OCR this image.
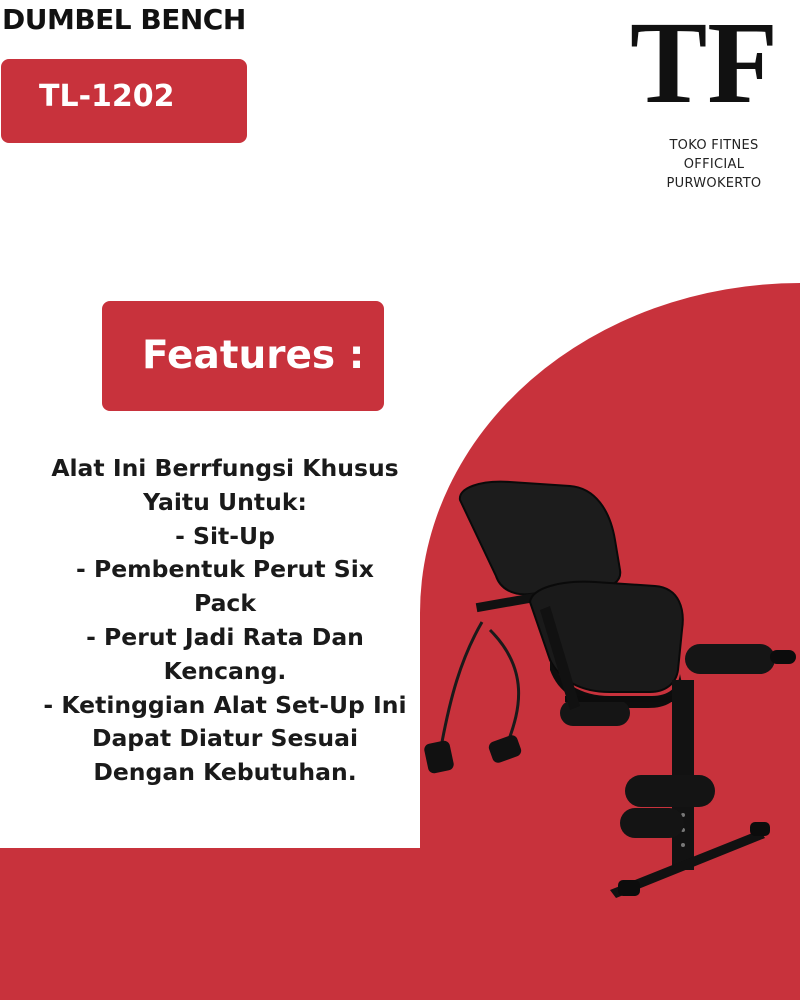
DUMBEL BENCH
TL-1202	TF
TOKO FITNES
OFFICIAL
PURWOKERTO
Features :
Alat Ini Berrfungsi Khusus
Yaitu Untuk:
- Sit-Up
- Pembentuk Perut Six
Pack
- Perut Jadi Rata Dan
Kencang.
- Ketinggian Alat Set-Up Ini
Dapat Diatur Sesuai
Dengan Kebutuhan.
